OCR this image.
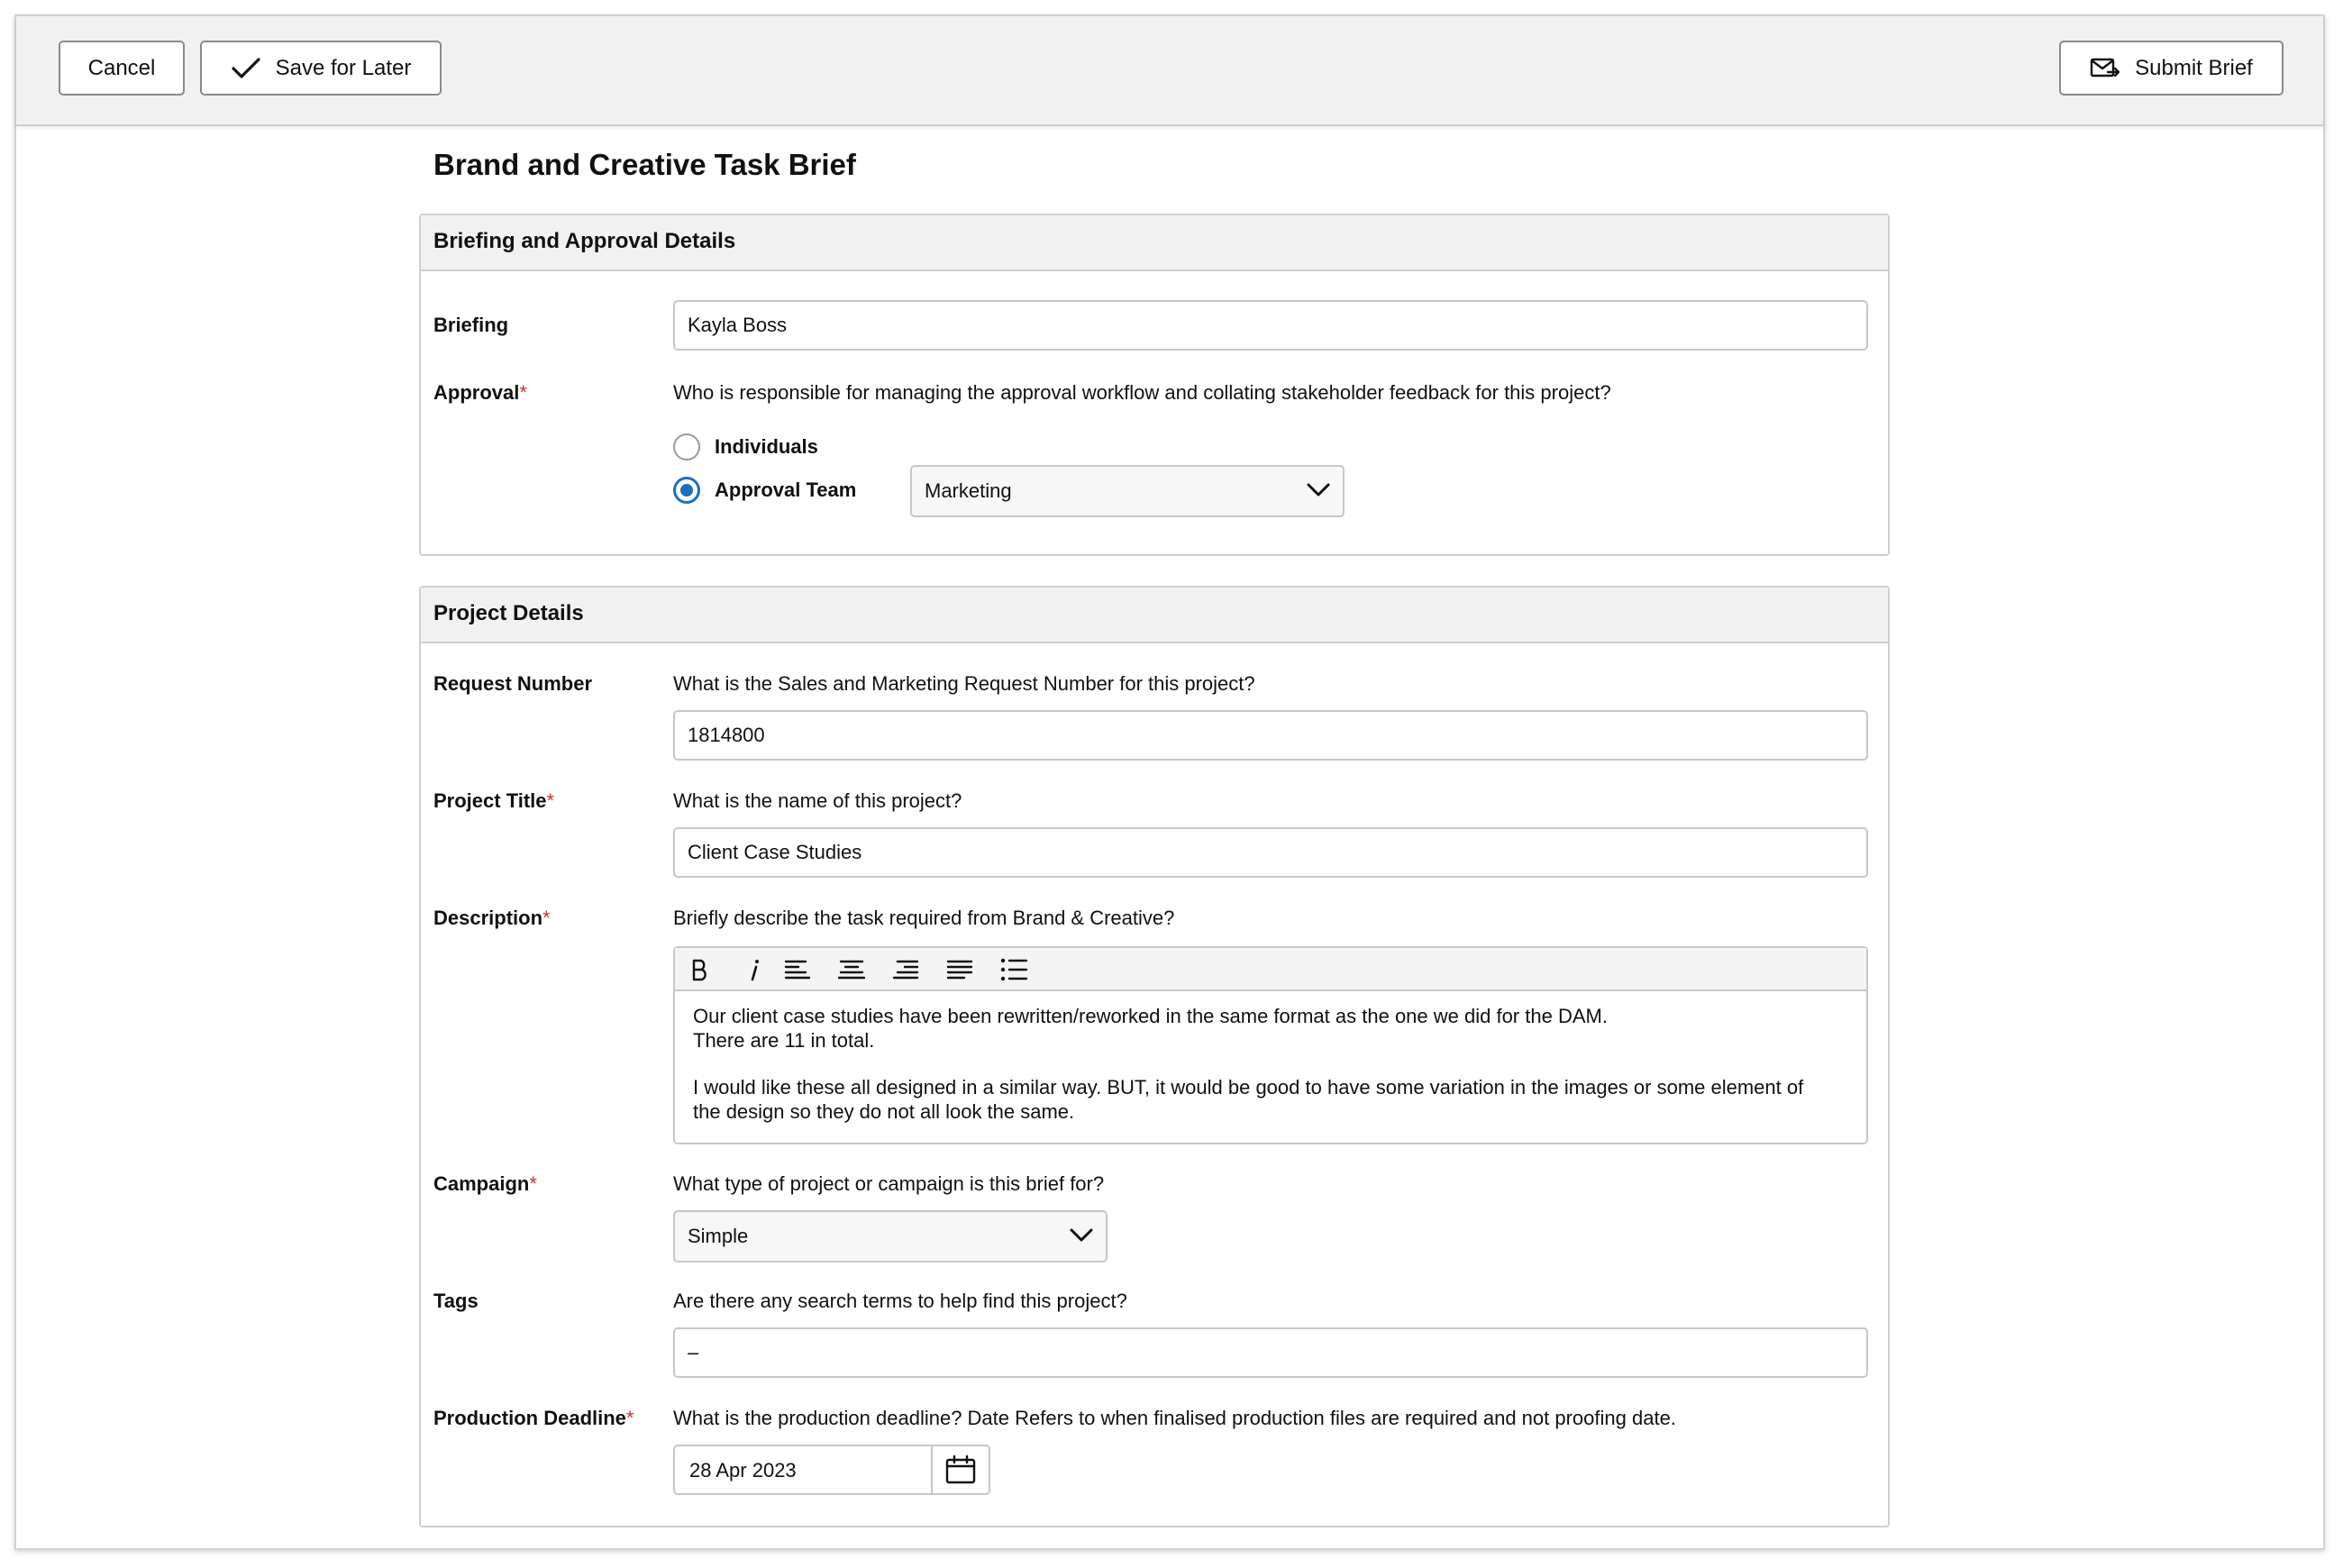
Cancel	Save for Later	Submit Brief
Brand and Creative Task Brief
Briefing and Approval Details
Briefing	Kayla Boss
Approval*	Who is responsible for managing the approval workflow and collating stakeholder feedback for this project?
Individuals
Approval Team	Marketing
Project Details
Request Number	What is the Sales and Marketing Request Number for this project?
1814800
Project Title*	What is the name of this project?
Client Case Studies
Description*	Briefly describe the task required from Brand & Creative?

Our client case studies have been rewritten/reworked in the same format as the one we did for the DAM.

There are 11 in total.

I would like these all designed in a similar way. BUT, it would be good to have some variation in the images or some element of the design so they do not all look the same.

Campaign*	What type of project or campaign is this brief for?
Simple
Tags	Are there any search terms to help find this project?
–
Production Deadline* What is the production deadline? Date Refers to when finalised production files are required and not proofing date.
28 Apr 2023
